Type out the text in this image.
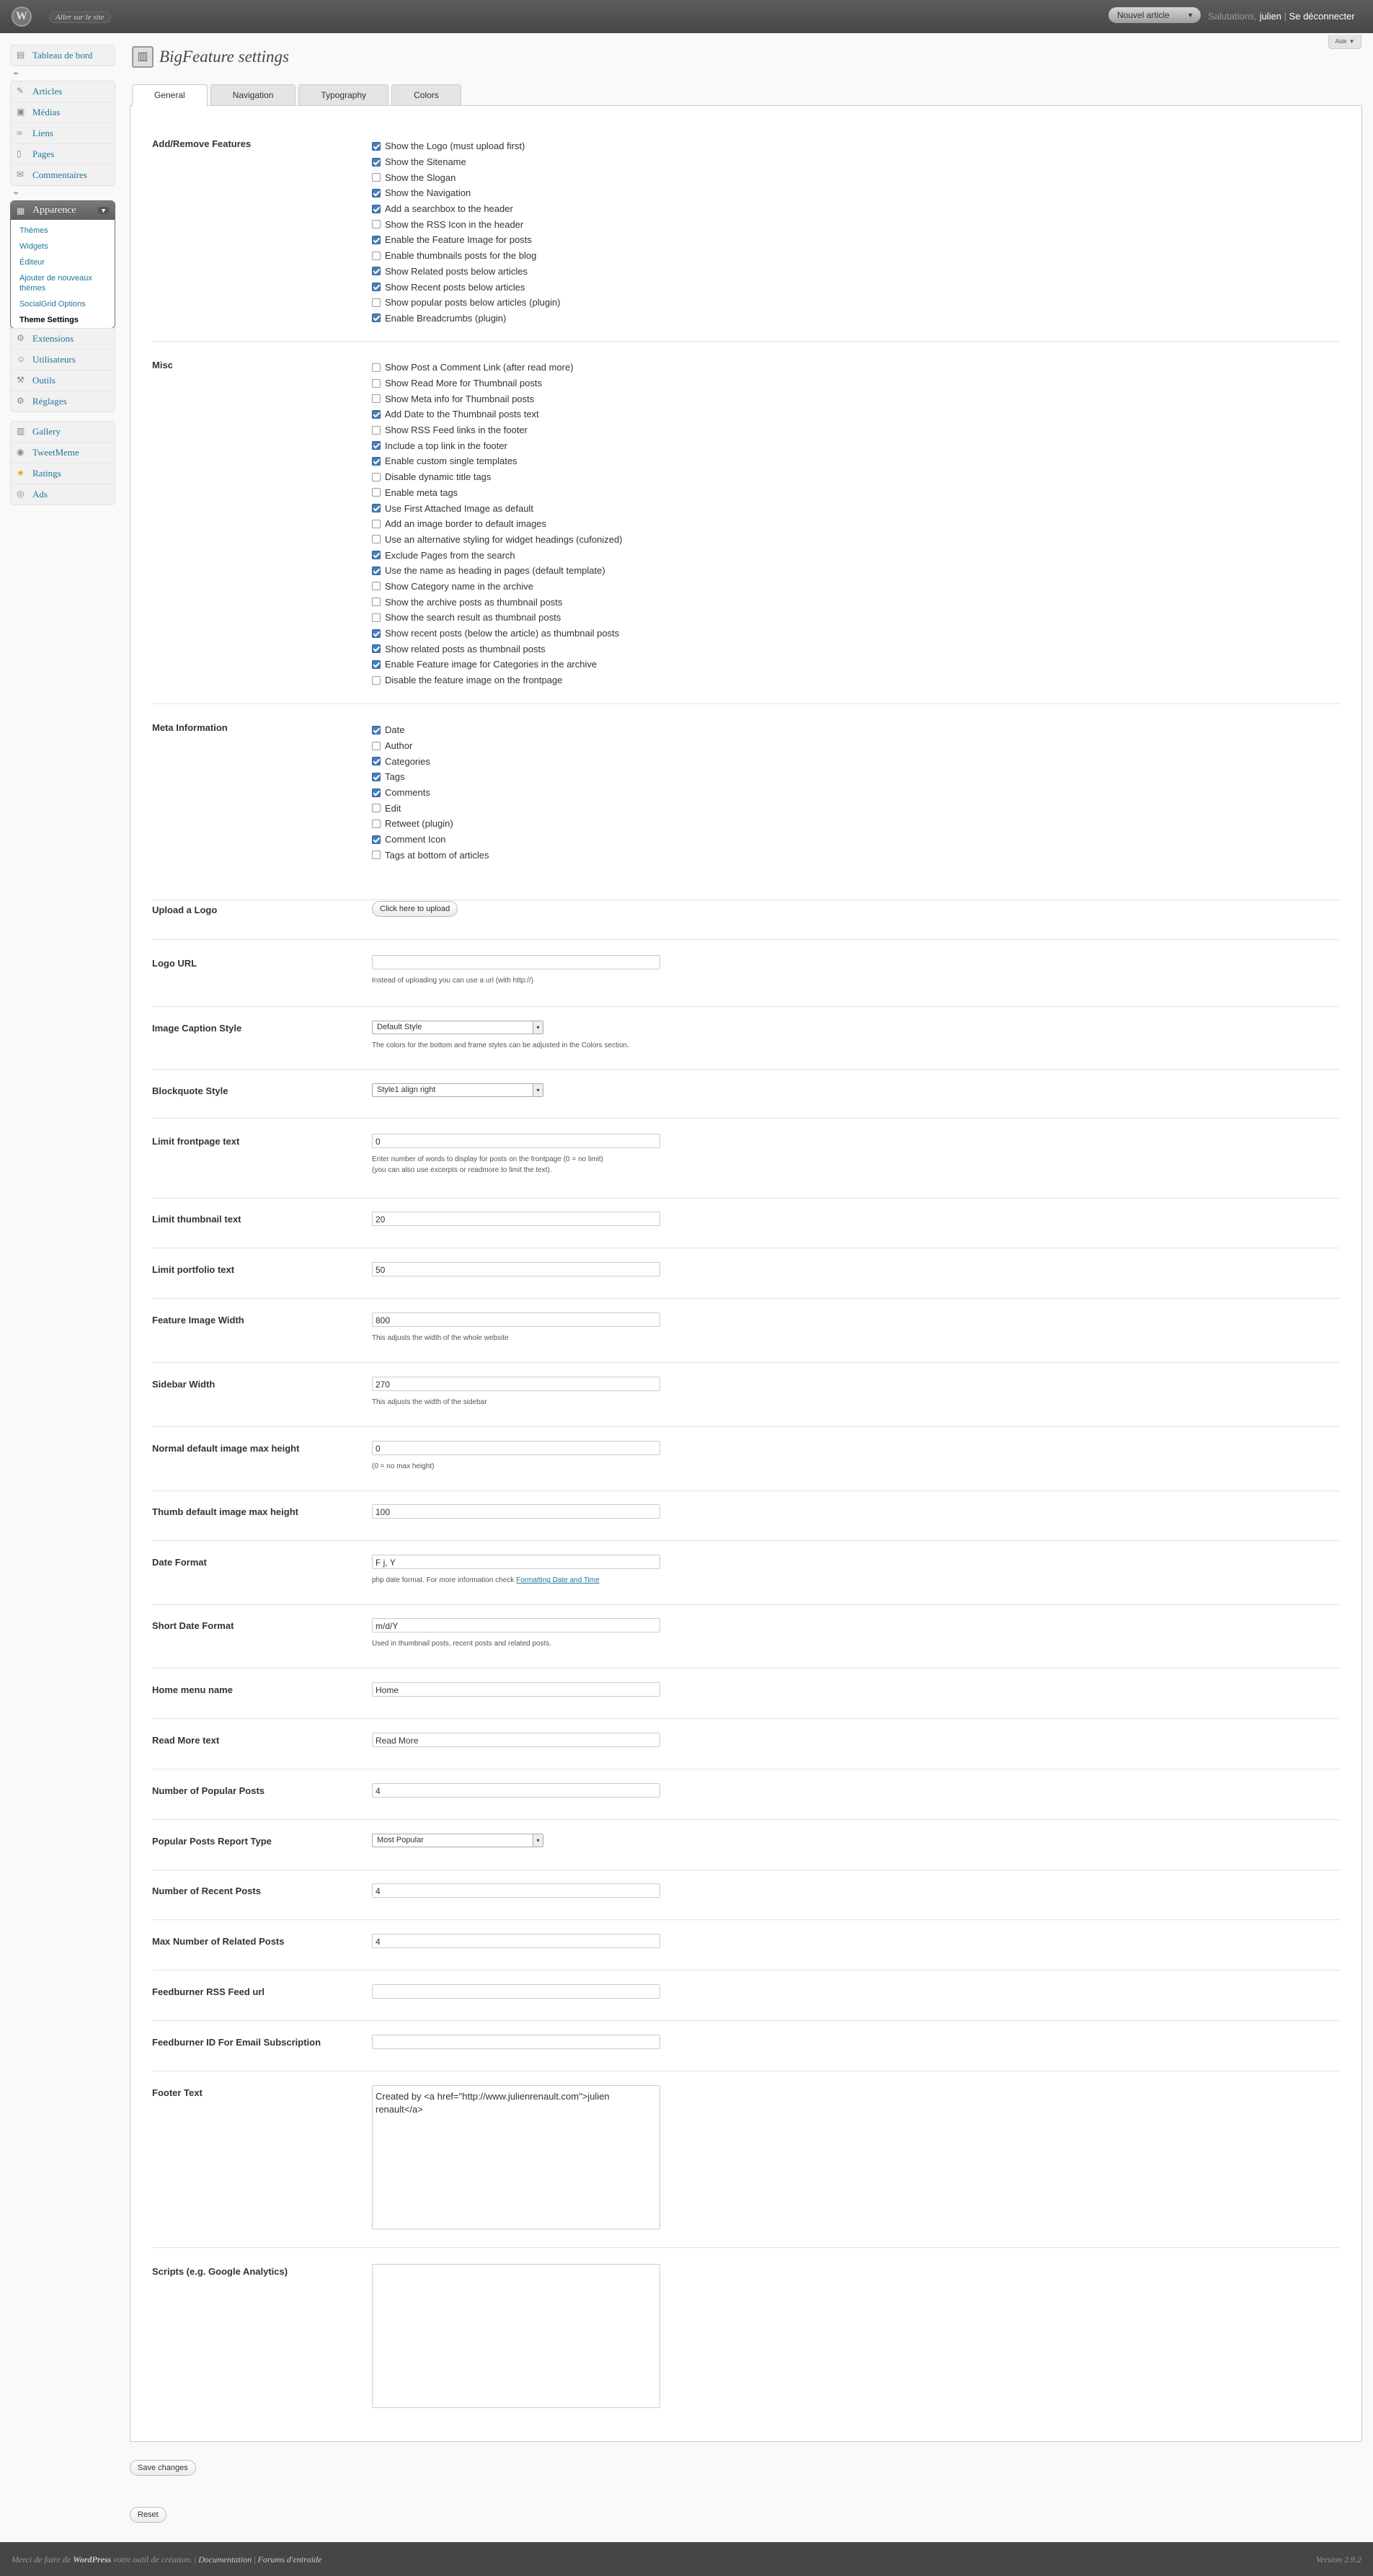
W	Aller sur le site	Nouvel article	▼ Salutations, julien | Se déconnecter
Aide ▼
▤ Tableau de bord
◂▸
✎ Articles
▣ Médias
∞	Liens
▯	Pages
✉ Commentaires
◂▸
▦ Apparence	▼
Thèmes
Widgets
Éditeur
Ajouter de nouveaux thèmes
SocialGrid Options
Theme Settings
⚙ Extensions
☺ Utilisateurs
⚒ Outils
⚙ Réglages
▥ Gallery
◉ TweetMeme
★ Ratings
◎ Ads
▥ BigFeature settings
General	Navigation	Typography	Colors
Add/Remove Features	Show the Logo (must upload first)
Show the Sitename
Show the Slogan
Show the Navigation
Add a searchbox to the header
Show the RSS Icon in the header
Enable the Feature Image for posts
Enable thumbnails posts for the blog
Show Related posts below articles
Show Recent posts below articles
Show popular posts below articles (plugin)
Enable Breadcrumbs (plugin)
Misc	Show Post a Comment Link (after read more)
Show Read More for Thumbnail posts
Show Meta info for Thumbnail posts
Add Date to the Thumbnail posts text
Show RSS Feed links in the footer
Include a top link in the footer
Enable custom single templates
Disable dynamic title tags
Enable meta tags
Use First Attached Image as default
Add an image border to default images
Use an alternative styling for widget headings (cufonized)
Exclude Pages from the search
Use the name as heading in pages (default template)
Show Category name in the archive
Show the archive posts as thumbnail posts
Show the search result as thumbnail posts
Show recent posts (below the article) as thumbnail posts
Show related posts as thumbnail posts
Enable Feature image for Categories in the archive
Disable the feature image on the frontpage
Meta Information	Date
Author
Categories
Tags
Comments
Edit
Retweet (plugin)
Comment Icon
Tags at bottom of articles
Upload a Logo	Click here to upload
Logo URL
Instead of uploading you can use a url (with http://)
Image Caption Style	Default Style	▾
The colors for the bottom and frame styles can be adjusted in the Colors section.
Blockquote Style	Style1 align right	▾
Limit frontpage text	0
Enter number of words to display for posts on the frontpage (0 = no limit)
(you can also use excerpts or readmore to limit the text).
Limit thumbnail text	20
Limit portfolio text	50
Feature Image Width	800
This adjusts the width of the whole website
Sidebar Width	270
This adjusts the width of the sidebar
Normal default image max height	0
(0 = no max height)
Thumb default image max height	100
Date Format	F j, Y
php date format. For more information check Formatting Date and Time
Short Date Format	m/d/Y
Used in thumbnail posts, recent posts and related posts.
Home menu name	Home
Read More text	Read More
Number of Popular Posts	4
Popular Posts Report Type	Most Popular	▾
Number of Recent Posts	4
Max Number of Related Posts	4
Feedburner RSS Feed url
Feedburner ID For Email Subscription
Footer Text	Created by <a href="http://www.julienrenault.com">julien renault</a>
Scripts (e.g. Google Analytics)
Save changes
Reset
Merci de faire de WordPress votre outil de création. | Documentation | Forums d'entraide	Version 2.9.2
